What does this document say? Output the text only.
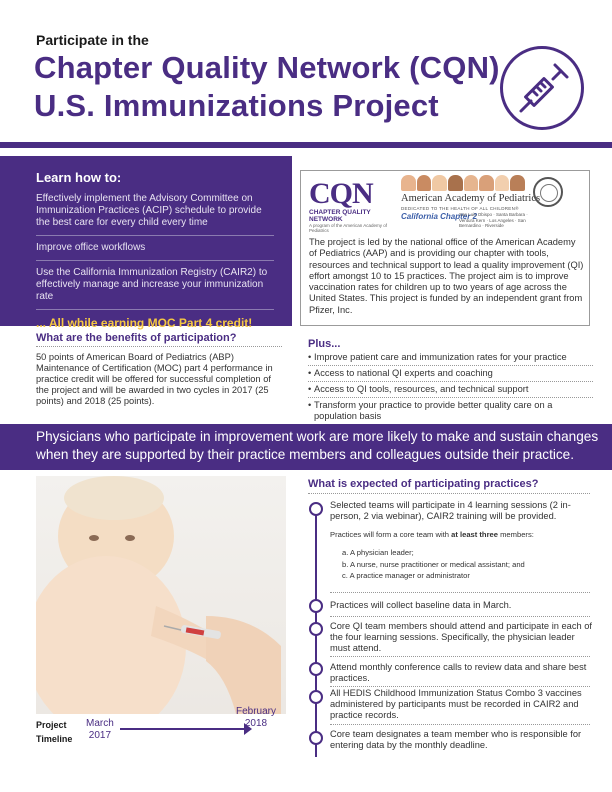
Participate in the
Chapter Quality Network (CQN)
U.S. Immunizations Project
Learn how to:
Effectively implement the Advisory Committee on Immunization Practices (ACIP) schedule to provide the best care for every child every time
Improve office workflows
Use the California Immunization Registry (CAIR2) to effectively manage and increase your immunization rate
... All while earning MOC Part 4 credit!
CQN
CHAPTER QUALITY NETWORK
A program of the American Academy of Pediatrics
American Academy of Pediatrics
DEDICATED TO THE HEALTH OF ALL CHILDREN®
California Chapter 2
San Luis Obispo · Santa Barbara · Ventura Kern · Los Angeles · San Bernardino · Riverside
The project is led by the national office of the American Academy of Pediatrics (AAP) and is providing our chapter with tools, resources and technical support to lead a quality improvement (QI) effort amongst 10 to 15 practices. The project aim is to improve vaccination rates for children up to two years of age across the United States. This project is funded by an independent grant from Pfizer, Inc.
What are the benefits of participation?
50 points of American Board of Pediatrics (ABP) Maintenance of Certification (MOC) part 4 performance in practice credit will be offered for successful completion of the project and will be awarded in two cycles in 2017 (25 points) and 2018 (25 points).
Plus...
• Improve patient care and immunization rates for your practice
• Access to national QI experts and coaching
• Access to QI tools, resources, and technical support
• Transform your practice to provide better quality care on a population basis
Physicians who participate in improvement work are more likely to make and sustain changes when they are supported by their practice members and colleagues outside their practice.
Project
Timeline
March
2017
February
2018
What is expected of participating practices?
Selected teams will participate in 4 learning sessions (2 in-person, 2 via webinar), CAIR2 training will be provided.
Practices will form a core team with at least three members:
a. A physician leader;
b. A nurse, nurse practitioner or medical assistant; and
c. A practice manager or administrator
Practices will collect baseline data in March.
Core QI team members should attend and participate in each of the four learning sessions. Specifically, the physician leader must attend.
Attend monthly conference calls to review data and share best practices.
All HEDIS Childhood Immunization Status Combo 3 vaccines administered by participants must be recorded in CAIR2 and practice records.
Core team designates a team member who is responsible for entering data by the monthly deadline.
